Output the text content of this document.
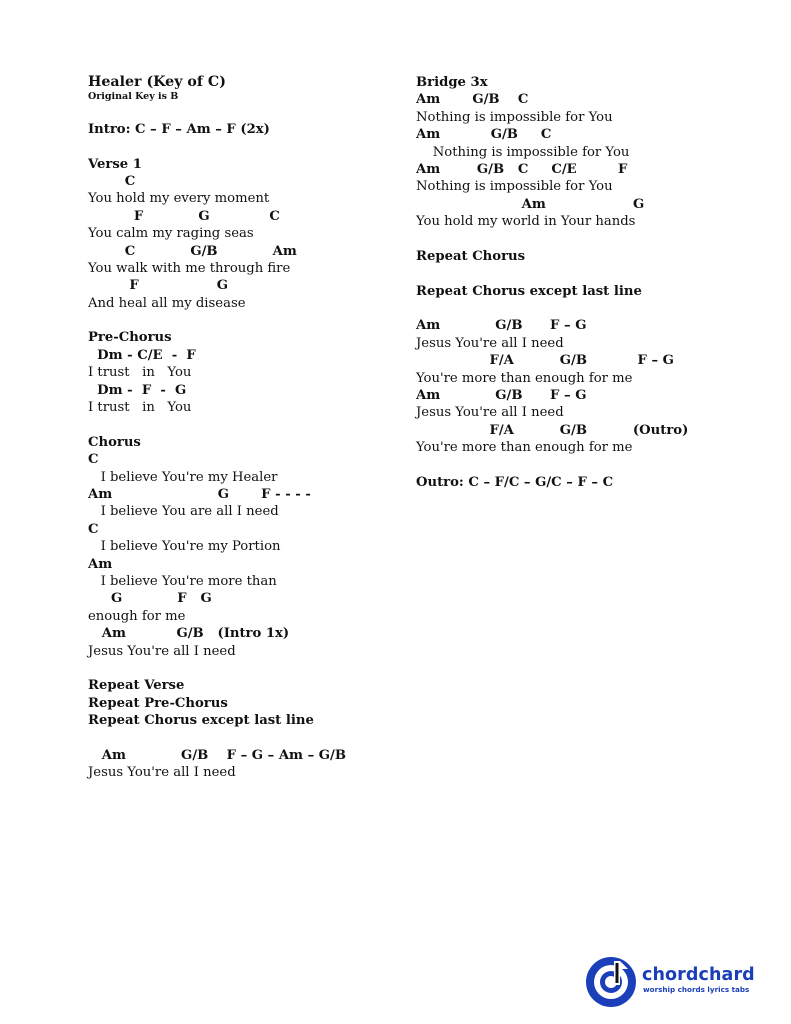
Healer (Key of C)
Original Key is B
Intro: C – F – Am – F (2x)
Verse 1
C
You hold my every moment
F            G             C
You calm my raging seas
C            G/B            Am
You walk with me through fire
F                 G
And heal all my disease
Pre-Chorus
Dm - C/E  -  F
I trust   in   You
Dm -  F  -  G
I trust   in   You
Chorus
C
I believe You're my Healer
Am                       G       F - - - -
I believe You are all I need
C
I believe You're my Portion
Am
I believe You're more than
G            F   G
enough for me
Am           G/B   (Intro 1x)
Jesus You're all I need
Repeat Verse
Repeat Pre-Chorus
Repeat Chorus except last line
Am            G/B    F – G – Am – G/B
Jesus You're all I need
Bridge 3x
Am       G/B    C
Nothing is impossible for You
Am           G/B     C
Nothing is impossible for You
Am        G/B   C     C/E         F
Nothing is impossible for You
Am                   G
You hold my world in Your hands
Repeat Chorus
Repeat Chorus except last line
Am            G/B      F – G
Jesus You're all I need
F/A          G/B           F – G
You're more than enough for me
Am            G/B      F – G
Jesus You're all I need
F/A          G/B          (Outro)
You're more than enough for me
Outro: C – F/C – G/C – F – C
chordchard
worship chords lyrics tabs
